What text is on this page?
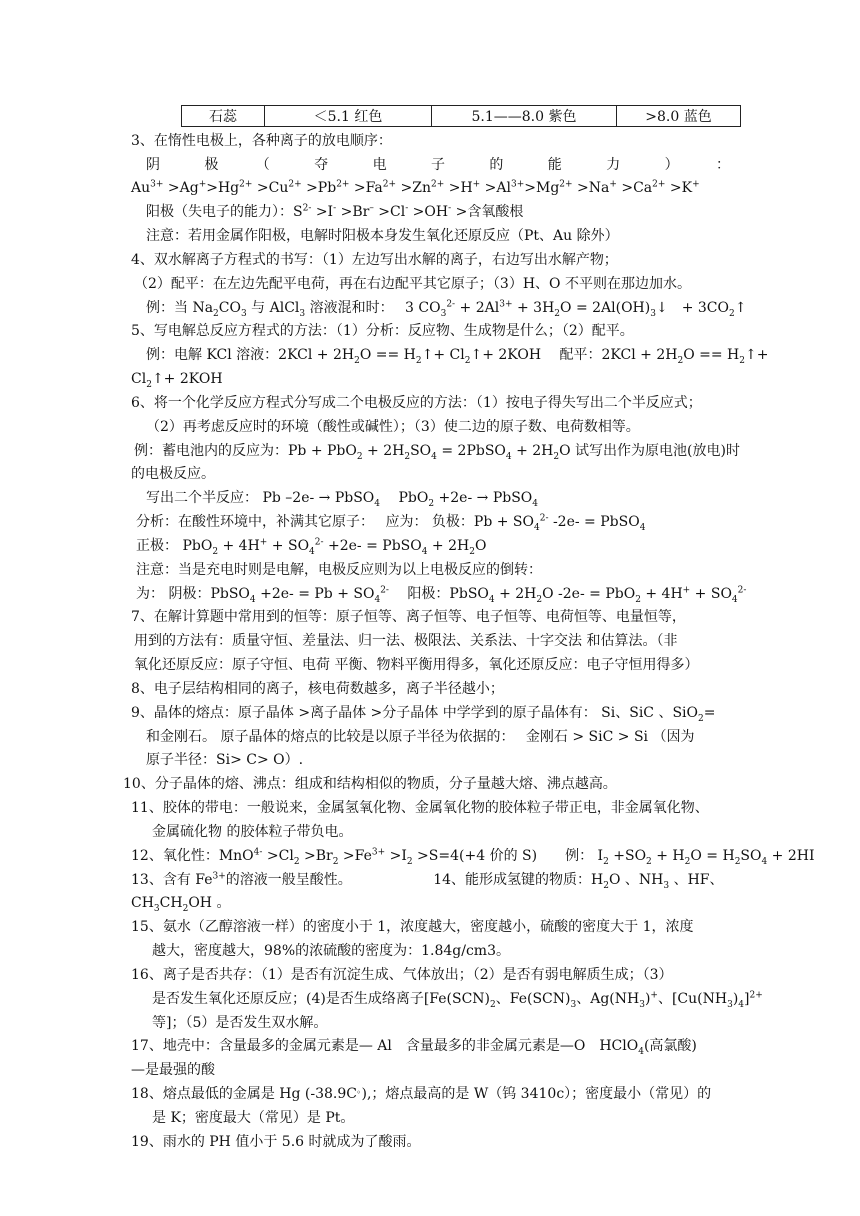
石蕊	＜5.1 红色	5.1——8.0 紫色	>8.0 蓝色
3、在惰性电极上，各种离子的放电顺序：
阴　　极　　（　　夺　　电　　子　　的　　能　　力　　）　　：
$Au^{3+} >Ag^+>Hg^{2+} >Cu^{2+} >Pb^{2+} >Fa^{2+} >Zn^{2+} >H^+ >Al^{3+}>Mg^{2+} >Na^+ >Ca^{2+} >K^+$
阳极（失电子的能力）：$S^{2-} >I^- >Br^- >Cl^- >OH^-$ >含氧酸根
注意：若用金属作阳极，电解时阳极本身发生氧化还原反应（Pt、Au 除外）
4、双水解离子方程式的书写：（1）左边写出水解的离子，右边写出水解产物；
（2）配平：在左边先配平电荷，再在右边配平其它原子；（3）H、O 不平则在那边加水。
例：当 $Na_2CO_3$ 与 AlCl$_3$ 溶液混和时：　 3 $CO_3^{2-} + 2Al^{3+} + 3H_2O$ = $2Al(OH)_3↓$　+ $3CO_2↑$
5、写电解总反应方程式的方法：（1）分析：反应物、生成物是什么；（2）配平。
例：电解 KCl 溶液：$2KCl + 2H_2O$ == $H_2↑+$ $Cl_2↑+ 2KOH$　 配平：$2KCl + 2H_2O$ == $H_2↑+$
$Cl_2↑+ 2KOH$
6、将一个化学反应方程式分写成二个电极反应的方法：（1）按电子得失写出二个半反应式；
（2）再考虑反应时的环境（酸性或碱性）；（3）使二边的原子数、电荷数相等。
例：蓄电池内的反应为：$Pb + PbO_2 + 2H_2SO_4$ = 2PbSO$_4$ + $2H_2O$ 试写出作为原电池(放电)时
的电极反应。
写出二个半反应： Pb –2e- → PbSO$_4$　 PbO$_2$ +2e- → PbSO$_4$
分析：在酸性环境中，补满其它原子：　 应为： 负极：$Pb + SO_4^{2-}$ -2e- = PbSO$_4$
正极： $PbO_2 + 4H^+ + SO_4^{2-} +2e-$ = PbSO$_4$ + $2H_2O$
注意：当是充电时则是电解，电极反应则为以上电极反应的倒转：
为： 阴极：PbSO$_4$ $+2e- = Pb + SO_4^{2-}$　 阳极：PbSO$_4$ + $2H_2O$ $-2e- = PbO_2 + 4H^+ + SO_4^{2-}$
7、在解计算题中常用到的恒等：原子恒等、离子恒等、电子恒等、电荷恒等、电量恒等，
用到的方法有：质量守恒、差量法、归一法、极限法、关系法、十字交法 和估算法。（非
氧化还原反应：原子守恒、电荷 平衡、物料平衡用得多，氧化还原反应：电子守恒用得多）
8、电子层结构相同的离子，核电荷数越多，离子半径越小；
9、晶体的熔点：原子晶体 >离子晶体 >分子晶体 中学学到的原子晶体有： Si、SiC 、SiO$_2$=
和金刚石。 原子晶体的熔点的比较是以原子半径为依据的：　 金刚石 > SiC > Si （因为
原子半径：Si> C> O）.
10、分子晶体的熔、沸点：组成和结构相似的物质，分子量越大熔、沸点越高。
11、胶体的带电：一般说来，金属氢氧化物、金属氧化物的胶体粒子带正电，非金属氧化物、
金属硫化物 的胶体粒子带负电。
12、氧化性：$MnO^{4-} >Cl_2 >Br_2 >Fe^{3+} >I_2 >S=4(+4$ 价的 S)　　例： $I_2 +SO_2 + H_2O = H_2SO_4 + 2HI$
13、含有 $Fe^{3+}$的溶液一般呈酸性。　　　　　　 14、能形成氢键的物质：$H_2O$ 、$NH_3$ 、HF、
$CH_3CH_2OH$ 。
15、氨水（乙醇溶液一样）的密度小于 1，浓度越大，密度越小，硫酸的密度大于 1，浓度
越大，密度越大，98%的浓硫酸的密度为：1.84g/cm3。
16、离子是否共存：（1）是否有沉淀生成、气体放出；（2）是否有弱电解质生成；（3）
是否发生氧化还原反应；(4)是否生成络离子[$Fe(SCN)_2$、$Fe(SCN)_3$、$Ag(NH_3)^+$、$[Cu(NH_3)_4]^{2+}$
等]；（5）是否发生双水解。
17、地壳中：含量最多的金属元素是— Al　含量最多的非金属元素是—O　HClO$_4$(高氯酸)
—是最强的酸
18、熔点最低的金属是 Hg (-38.9C。),；熔点最高的是 W（钨 3410c）；密度最小（常见）的
是 K；密度最大（常见）是 Pt。
19、雨水的 PH 值小于 5.6 时就成为了酸雨。
